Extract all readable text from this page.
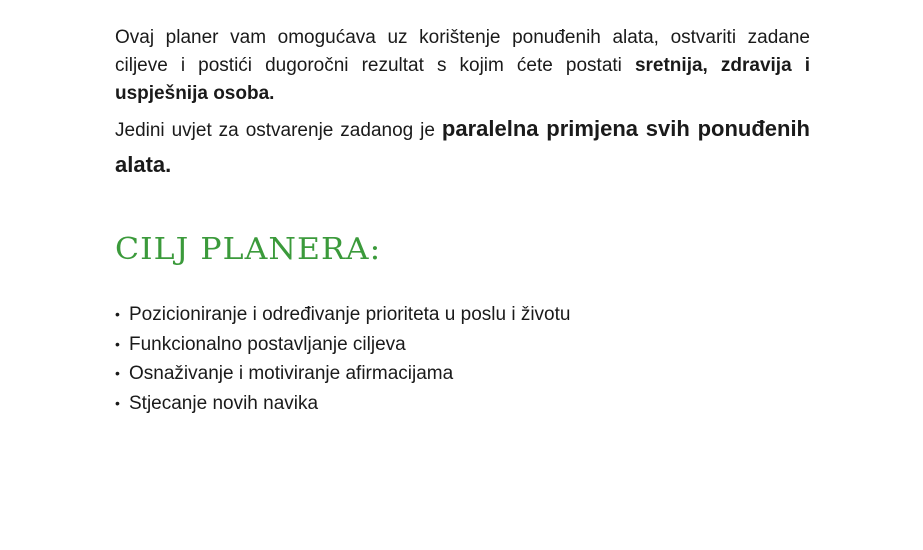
Ovaj planer vam omogućava uz korištenje ponuđenih alata, ostvariti zadane ciljeve i postići dugoročni rezultat s kojim ćete postati sretnija, zdravija i uspješnija osoba.

Jedini uvjet za ostvarenje zadanog je paralelna primjena svih ponuđenih alata.

CILJ PLANERA:
• Pozicioniranje i određivanje prioriteta u poslu i životu
• Funkcionalno postavljanje ciljeva
• Osnaživanje i motiviranje afirmacijama
• Stjecanje novih navika
